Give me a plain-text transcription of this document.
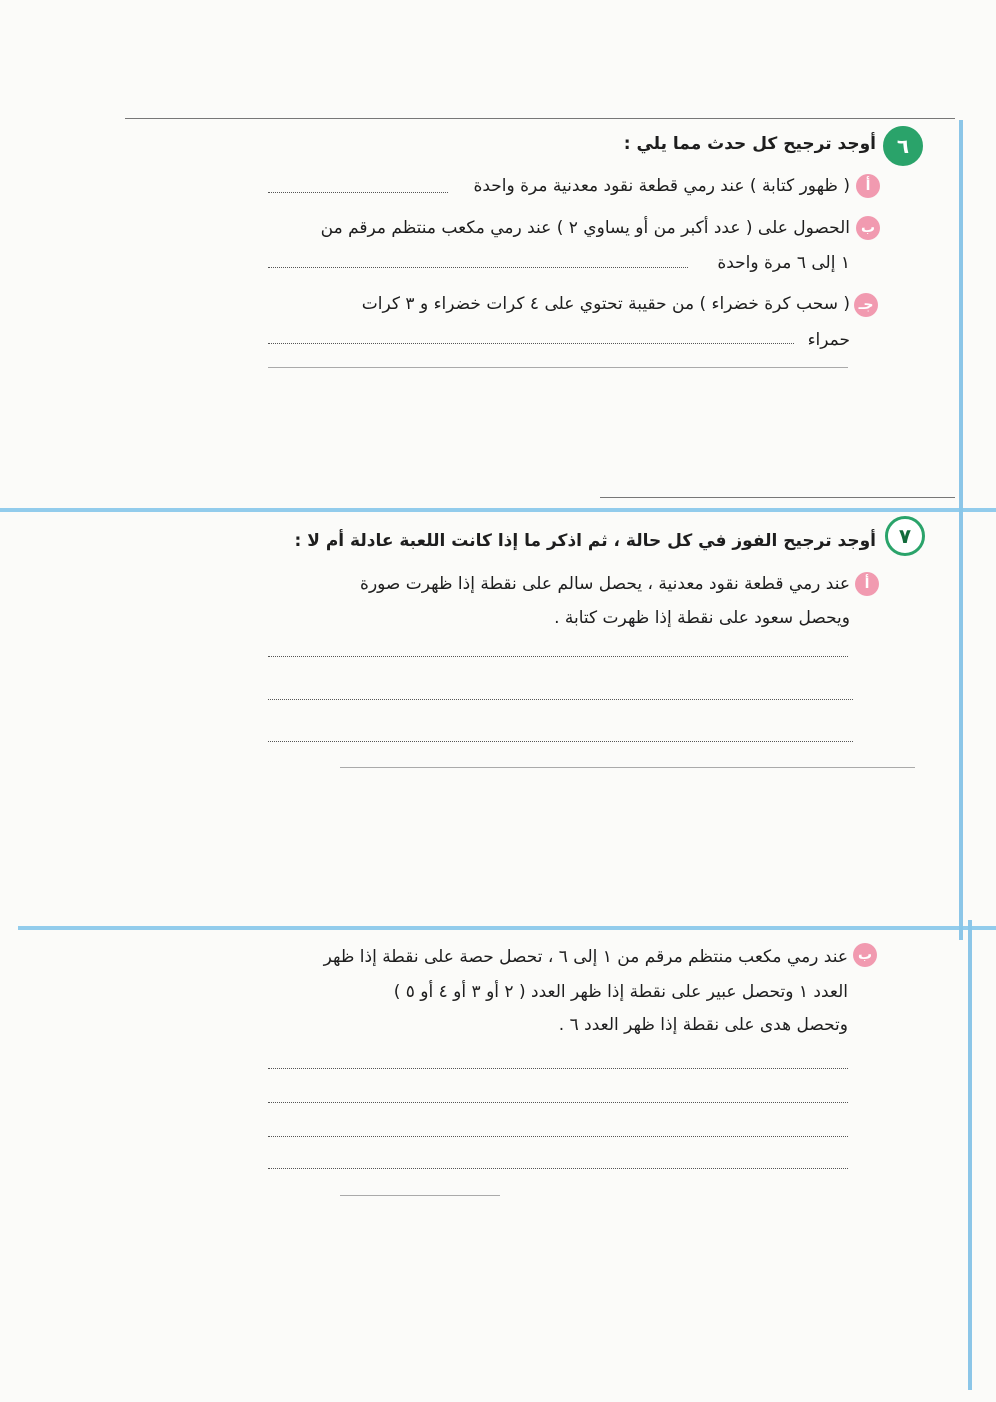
٦
أوجد ترجيح كل حدث مما يلي :
أ
( ظهور كتابة ) عند رمي قطعة نقود معدنية مرة واحدة
ب
الحصول على ( عدد أكبر من أو يساوي ٢ ) عند رمي مكعب منتظم مرقم من
١ إلى ٦ مرة واحدة
جـ
( سحب كرة خضراء ) من حقيبة تحتوي على ٤ كرات خضراء و ٣ كرات
حمراء
٧
أوجد ترجيح الفوز في كل حالة ، ثم اذكر ما إذا كانت اللعبة عادلة أم لا :
أ
عند رمي قطعة نقود معدنية ، يحصل سالم على نقطة إذا ظهرت صورة
ويحصل سعود على نقطة إذا ظهرت كتابة .
ب
عند رمي مكعب منتظم مرقم من ١ إلى ٦ ، تحصل حصة على نقطة إذا ظهر
العدد ١ وتحصل عبير على نقطة إذا ظهر العدد ( ٢ أو ٣ أو ٤ أو ٥ )
وتحصل هدى على نقطة إذا ظهر العدد ٦ .
